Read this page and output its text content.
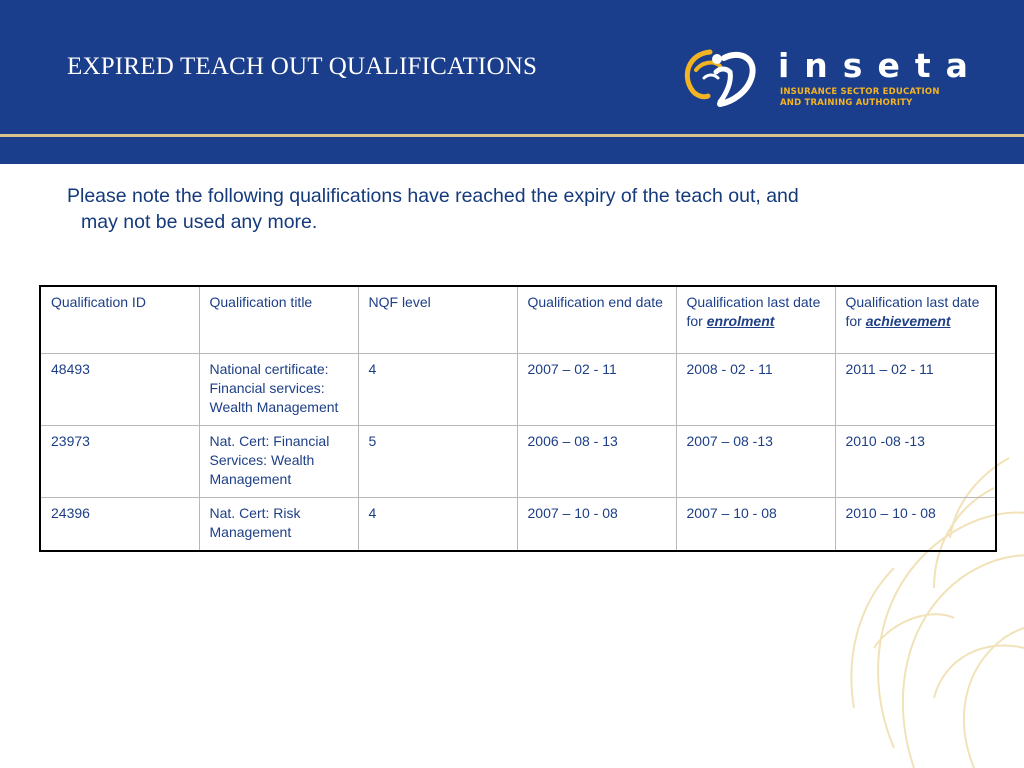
EXPIRED TEACH OUT QUALIFICATIONS	inseta
INSURANCE SECTOR EDUCATION
AND TRAINING AUTHORITY
Please note the following qualifications have reached the expiry of the teach out, and
may not be used any more.
Qualification ID	Qualification title	NQF level	Qualification end date	Qualification last date for enrolment	Qualification last date for achievement
48493	National certificate: Financial services: Wealth Management	4	2007 – 02 - 11	2008 - 02 - 11	2011 – 02 - 11
23973	Nat. Cert: Financial Services: Wealth Management	5	2006 – 08 - 13	2007 – 08 -13	2010 -08 -13
24396	Nat. Cert: Risk Management	4	2007 – 10 - 08	2007 – 10 - 08	2010 – 10 - 08
